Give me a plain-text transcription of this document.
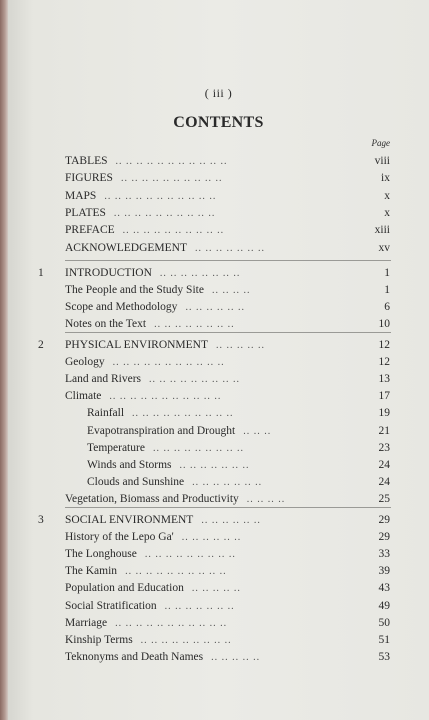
( iii )
CONTENTS
Page
TABLES .. .. .. .. .. .. .. .. .. .. ..	viii
FIGURES .. .. .. .. .. .. .. .. .. ..	ix
MAPS .. .. .. .. .. .. .. .. .. .. ..	x
PLATES .. .. .. .. .. .. .. .. .. ..	x
PREFACE .. .. .. .. .. .. .. .. .. ..	xiii
ACKNOWLEDGEMENT .. .. .. .. .. .. ..	xv
1 INTRODUCTION .. .. .. .. .. .. .. ..	1
The People and the Study Site .. .. .. ..	1
Scope and Methodology .. .. .. .. .. ..	6
Notes on the Text .. .. .. .. .. .. .. ..	10
2 PHYSICAL ENVIRONMENT .. .. .. .. ..	12
Geology .. .. .. .. .. .. .. .. .. .. ..	12
Land and Rivers .. .. .. .. .. .. .. .. ..	13
Climate .. .. .. .. .. .. .. .. .. .. ..	17
Rainfall .. .. .. .. .. .. .. .. .. ..	19
Evapotranspiration and Drought .. .. ..	21
Temperature .. .. .. .. .. .. .. .. ..	23
Winds and Storms .. .. .. .. .. .. ..	24
Clouds and Sunshine .. .. .. .. .. .. ..	24
Vegetation, Biomass and Productivity .. .. .. ..	25
3 SOCIAL ENVIRONMENT .. .. .. .. .. ..	29
History of the Lepo Ga' .. .. .. .. .. ..	29
The Longhouse .. .. .. .. .. .. .. .. ..	33
The Kamin .. .. .. .. .. .. .. .. .. ..	39
Population and Education .. .. .. .. ..	43
Social Stratification .. .. .. .. .. .. ..	49
Marriage .. .. .. .. .. .. .. .. .. .. ..	50
Kinship Terms .. .. .. .. .. .. .. .. ..	51
Teknonyms and Death Names .. .. .. .. ..	53
